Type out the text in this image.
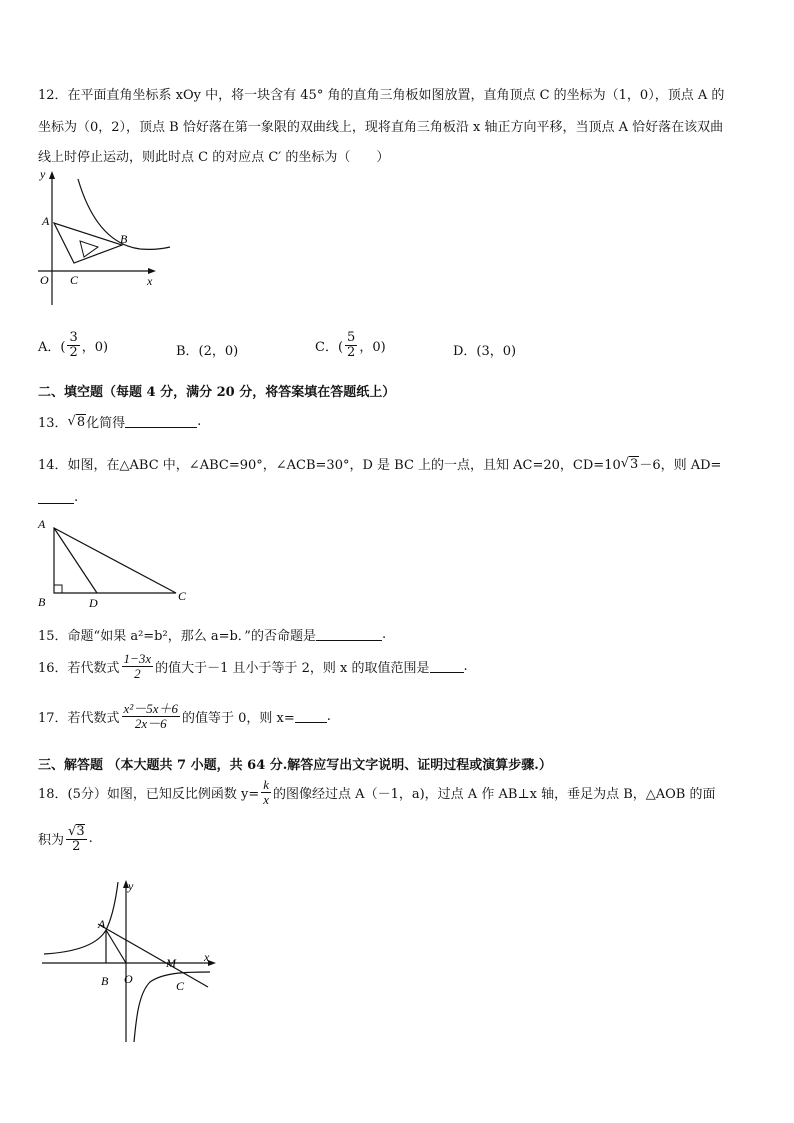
12．在平面直角坐标系 xOy 中，将一块含有 45° 角的直角三角板如图放置，直角顶点 C 的坐标为（1，0），顶点 A 的
坐标为（0，2），顶点 B 恰好落在第一象限的双曲线上，现将直角三角板沿 x 轴正方向平移，当顶点 A 恰好落在该双曲
线上时停止运动，则此时点 C 的对应点 C′ 的坐标为（　　）
y
x
O
A
B
C
A．( $\frac{3}{2}$ ，0)	B．(2，0)	C．( $\frac{5}{2}$ ，0)	D．(3，0)
二、填空题（每题 4 分，满分 20 分，将答案填在答题纸上）
13． √ 8 化简得	.
14．如图，在△ABC 中，∠ABC=90°，∠ACB=30°，D 是 BC 上的一点，且知 AC=20，CD=10 √ 3 －6，则 AD=
.
A
B	D	C
15．命题“如果 a²=b²，那么 a=b．”的否命题是	.
16．若代数式 $\frac{1-3x}{2}$ 的值大于－1 且小于等于 2，则 x 的取值范围是	.
17．若代数式 $\frac{\text{x²－5x＋6}}{2x-6}$ 的值等于 0，则 x= .
三、解答题 （本大题共 7 小题，共 64 分.解答应写出文字说明、证明过程或演算步骤.）
18．(5分）如图，已知反比例函数 $y= \frac{k}{x}$ 的图像经过点 A（－1，a)，过点 A 作 AB⊥x 轴，垂足为点 B，△AOB 的面
积为 $\frac{√ 3}{2}$ .
y
x
A
B O
M
C
